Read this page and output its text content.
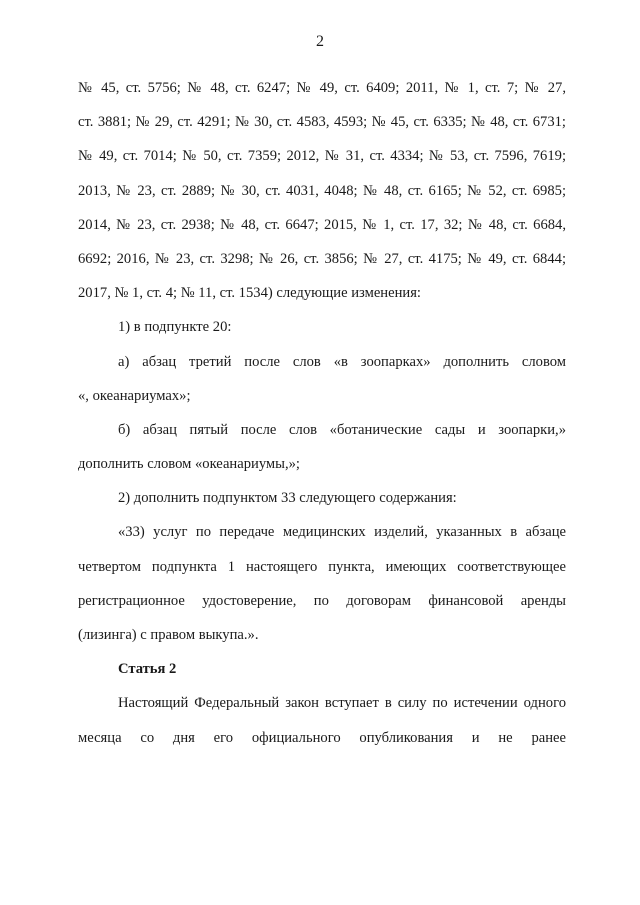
2
№ 45, ст. 5756; № 48, ст. 6247; № 49, ст. 6409; 2011, № 1, ст. 7; № 27,
ст. 3881; № 29, ст. 4291; № 30, ст. 4583, 4593; № 45, ст. 6335; № 48, ст. 6731;
№ 49, ст. 7014; № 50, ст. 7359; 2012, № 31, ст. 4334; № 53, ст. 7596, 7619;
2013, № 23, ст. 2889; № 30, ст. 4031, 4048; № 48, ст. 6165; № 52, ст. 6985;
2014, № 23, ст. 2938; № 48, ст. 6647; 2015, № 1, ст. 17, 32; № 48, ст. 6684,
6692; 2016, № 23, ст. 3298; № 26, ст. 3856; № 27, ст. 4175; № 49, ст. 6844;
2017, № 1, ст. 4; № 11, ст. 1534) следующие изменения:
1) в подпункте 20:
а) абзац третий после слов «в зоопарках» дополнить словом
«, океанариумах»;
б) абзац пятый после слов «ботанические сады и зоопарки,»
дополнить словом «океанариумы,»;
2) дополнить подпунктом 33 следующего содержания:
«33) услуг по передаче медицинских изделий, указанных в абзаце
четвертом подпункта 1 настоящего пункта, имеющих соответствующее
регистрационное удостоверение, по договорам финансовой аренды
(лизинга) с правом выкупа.».
Статья 2
Настоящий Федеральный закон вступает в силу по истечении одного
месяца со дня его официального опубликования и не ранее
